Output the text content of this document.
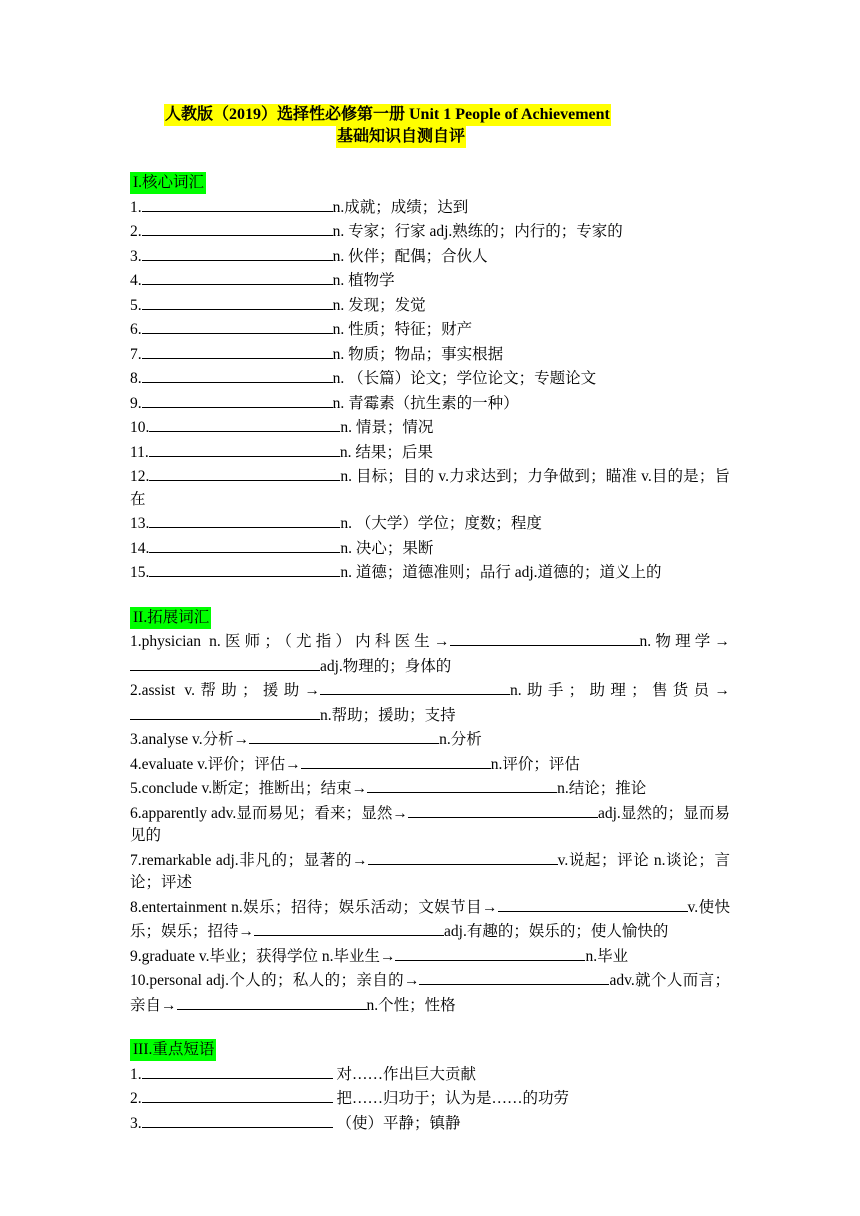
人教版（2019）选择性必修第一册 Unit 1 People of Achievement
基础知识自测自评
I.核心词汇
1.	n.成就；成绩；达到
2.	n. 专家；行家 adj.熟练的；内行的；专家的
3.	n. 伙伴；配偶；合伙人
4.	n. 植物学
5.	n. 发现；发觉
6.	n. 性质；特征；财产
7.	n. 物质；物品；事实根据
8.	n. （长篇）论文；学位论文；专题论文
9.	n. 青霉素（抗生素的一种）
10.	n. 情景；情况
11.	n. 结果；后果
12.	n. 目标；目的 v.力求达到；力争做到；瞄准 v.目的是；旨在
13.	n. （大学）学位；度数；程度
14.	n. 决心；果断
15.	n. 道德；道德准则；品行 adj.道德的；道义上的
II.拓展词汇
1.physician n.医师；（尤指）内科医生→	n.物理学→adj.物理的；身体的
2.assist v.帮助；援助→	n.助手；助理；售货员→n.帮助；援助；支持
3.analyse v.分析→	n.分析
4.evaluate v.评价；评估→	n.评价；评估
5.conclude v.断定；推断出；结束→	n.结论；推论
6.apparently adv.显而易见；看来；显然→	adj.显然的；显而易见的
7.remarkable adj.非凡的；显著的→	v.说起；评论 n.谈论；言论；评述
8.entertainment n.娱乐；招待；娱乐活动；文娱节目→	v.使快乐；娱乐；招待→	adj.有趣的；娱乐的；使人愉快的
9.graduate v.毕业；获得学位 n.毕业生→	n.毕业
10.personal adj.个人的；私人的；亲自的→	adv.就个人而言；亲自→	n.个性；性格
III.重点短语
1.	对……作出巨大贡献
2.	把……归功于；认为是……的功劳
3.	（使）平静；镇静
